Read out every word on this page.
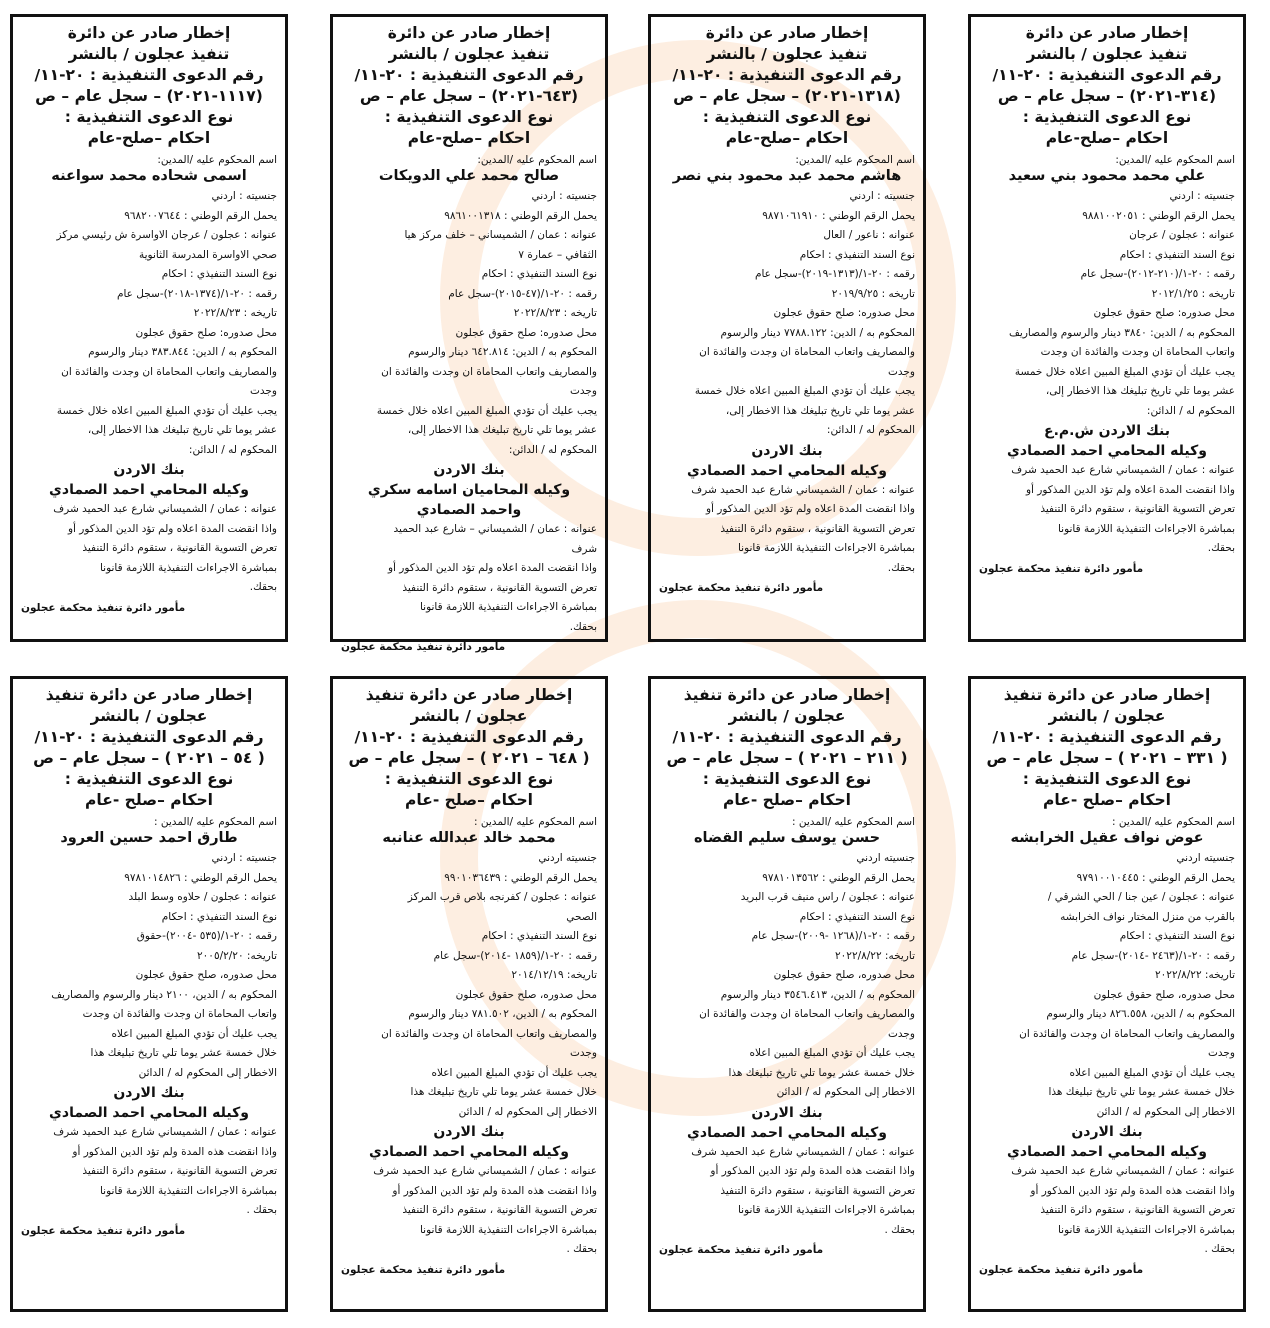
إخطار صادر عن دائرة
تنفيذ عجلون / بالنشر
رقم الدعوى التنفيذية : ٢٠-١١/
(٣١٤-٢٠٢١) – سجل عام – ص
نوع الدعوى التنفيذية :
احكام –صلح-عام
اسم المحكوم عليه /المدين:
علي محمد محمود بني سعيد
جنسيته : اردني
يحمل الرقم الوطني : ٩٨٨١٠٠٢٠٥١
عنوانه : عجلون / عرجان
نوع السند التنفيذي : احكام
رقمه : ٢٠-١/(٢١٠-٢٠١٢)-سجل عام
تاريخه : ٢٠١٢/١/٢٥
محل صدوره: صلح حقوق عجلون
المحكوم به / الدين: ٣٨٤٠ دينار والرسوم والمصاريف
واتعاب المحاماة ان وجدت والفائدة ان وجدت
يجب عليك أن تؤدي المبلغ المبين اعلاه خلال خمسة
عشر يوما تلي تاريخ تبليغك هذا الاخطار إلى،
المحكوم له / الدائن:
بنك الاردن ش.م.ع
وكيله المحامي احمد الصمادي
عنوانه : عمان / الشميساني شارع عبد الحميد شرف
واذا انقضت المدة اعلاه ولم تؤد الدين المذكور أو
تعرض التسوية القانونية ، ستقوم دائرة التنفيذ
بمباشرة الاجراءات التنفيذية اللازمة قانونا
بحقك.
مأمور دائرة تنفيذ محكمة عجلون
إخطار صادر عن دائرة
تنفيذ عجلون / بالنشر
رقم الدعوى التنفيذية : ٢٠-١١/
(١٣١٨-٢٠٢١) – سجل عام – ص
نوع الدعوى التنفيذية :
احكام –صلح-عام
اسم المحكوم عليه /المدين:
هاشم محمد عبد محمود بني نصر
جنسيته : اردني
يحمل الرقم الوطني : ٩٨٧١٠٦١٩١٠
عنوانه : ناعور / العال
نوع السند التنفيذي : احكام
رقمه : ٢٠-١/(١٣١٣-٢٠١٩)-سجل عام
تاريخه : ٢٠١٩/٩/٢٥
محل صدوره: صلح حقوق عجلون
المحكوم به / الدين: ٧٧٨٨.١٢٢ دينار والرسوم
والمصاريف واتعاب المحاماة ان وجدت والفائدة ان
وجدت
يجب عليك أن تؤدي المبلغ المبين اعلاه خلال خمسة
عشر يوما تلي تاريخ تبليغك هذا الاخطار إلى،
المحكوم له / الدائن:
بنك الاردن
وكيله المحامي احمد الصمادي
عنوانه : عمان / الشميساني شارع عبد الحميد شرف
واذا انقضت المدة اعلاه ولم تؤد الدين المذكور أو
تعرض التسوية القانونية ، ستقوم دائرة التنفيذ
بمباشرة الاجراءات التنفيذية اللازمة قانونا
بحقك.
مأمور دائرة تنفيذ محكمة عجلون
إخطار صادر عن دائرة
تنفيذ عجلون / بالنشر
رقم الدعوى التنفيذية : ٢٠-١١/
(٦٤٣-٢٠٢١) – سجل عام – ص
نوع الدعوى التنفيذية :
احكام –صلح-عام
اسم المحكوم عليه /المدين:
صالح محمد علي الدويكات
جنسيته : اردني
يحمل الرقم الوطني : ٩٨٦١٠٠١٣١٨
عنوانه : عمان / الشميساني – خلف مركز هيا
الثقافي – عمارة ٧
نوع السند التنفيذي : احكام
رقمه : ٢٠-١/(٤٧-٢٠١٥)-سجل عام
تاريخه : ٢٠٢٢/٨/٢٣
محل صدوره: صلح حقوق عجلون
المحكوم به / الدين: ٦٤٢.٨١٤ دينار والرسوم
والمصاريف واتعاب المحاماة ان وجدت والفائدة ان
وجدت
يجب عليك أن تؤدي المبلغ المبين اعلاه خلال خمسة
عشر يوما تلي تاريخ تبليغك هذا الاخطار إلى،
المحكوم له / الدائن:
بنك الاردن
وكيله المحاميان اسامه سكري
واحمد الصمادي
عنوانه : عمان / الشميساني – شارع عبد الحميد
شرف
واذا انقضت المدة اعلاه ولم تؤد الدين المذكور أو
تعرض التسوية القانونية ، ستقوم دائرة التنفيذ
بمباشرة الاجراءات التنفيذية اللازمة قانونا
بحقك.
مأمور دائرة تنفيذ محكمة عجلون
إخطار صادر عن دائرة
تنفيذ عجلون / بالنشر
رقم الدعوى التنفيذية : ٢٠-١١/
(١١١٧-٢٠٢١) – سجل عام – ص
نوع الدعوى التنفيذية :
احكام –صلح-عام
اسم المحكوم عليه /المدين:
اسمى شحاده محمد سواعنه
جنسيته : اردني
يحمل الرقم الوطني : ٩٦٨٢٠٠٧٦٤٤
عنوانه : عجلون / عرجان الاواسرة ش رئيسي مركز
صحي الاواسرة المدرسة الثانوية
نوع السند التنفيذي : احكام
رقمه : ٢٠-١/(١٣٧٤-٢٠١٨)-سجل عام
تاريخه : ٢٠٢٢/٨/٢٣
محل صدوره: صلح حقوق عجلون
المحكوم به / الدين: ٣٨٣.٨٤٤ دينار والرسوم
والمصاريف واتعاب المحاماة ان وجدت والفائدة ان
وجدت
يجب عليك أن تؤدي المبلغ المبين اعلاه خلال خمسة
عشر يوما تلي تاريخ تبليغك هذا الاخطار إلى،
المحكوم له / الدائن:
بنك الاردن
وكيله المحامي احمد الصمادي
عنوانه : عمان / الشميساني شارع عبد الحميد شرف
واذا انقضت المدة اعلاه ولم تؤد الدين المذكور أو
تعرض التسوية القانونية ، ستقوم دائرة التنفيذ
بمباشرة الاجراءات التنفيذية اللازمة قانونا
بحقك.
مأمور دائرة تنفيذ محكمة عجلون
إخطار صادر عن دائرة تنفيذ
عجلون / بالنشر
رقم الدعوى التنفيذية : ٢٠-١١/
( ٣٣١ – ٢٠٢١ ) – سجل عام – ص
نوع الدعوى التنفيذية :
احكام –صلح -عام
اسم المحكوم عليه /المدين :
عوض نواف عقيل الخرابشه
جنسيته اردني
يحمل الرقم الوطني : ٩٧٩١٠٠١٠٤٤٥
عنوانه : عجلون / عين جنا / الحي الشرقي /
بالقرب من منزل المختار نواف الخرابشه
نوع السند التنفيذي : احكام
رقمه : ٢٠-١/(٢٤٦٣ -٢٠١٤)-سجل عام
تاريخه: ٢٠٢٢/٨/٢٢
محل صدوره، صلح حقوق عجلون
المحكوم به / الدين، ٨٢٦.٥٥٨ دينار والرسوم
والمصاريف واتعاب المحاماة ان وجدت والفائدة ان
وجدت
يجب عليك أن تؤدي المبلغ المبين اعلاه
خلال خمسة عشر يوما تلي تاريخ تبليغك هذا
الاخطار إلى المحكوم له / الدائن
بنك الاردن
وكيله المحامي احمد الصمادي
عنوانه : عمان / الشميساني شارع عبد الحميد شرف
واذا انقضت هذه المدة ولم تؤد الدين المذكور أو
تعرض التسوية القانونية ، ستقوم دائرة التنفيذ
بمباشرة الاجراءات التنفيذية اللازمة قانونا
بحقك .
مأمور دائرة تنفيذ محكمة عجلون
إخطار صادر عن دائرة تنفيذ
عجلون / بالنشر
رقم الدعوى التنفيذية : ٢٠-١١/
( ٢١١ – ٢٠٢١ ) – سجل عام – ص
نوع الدعوى التنفيذية :
احكام –صلح -عام
اسم المحكوم عليه /المدين :
حسن يوسف سليم القضاه
جنسيته اردني
يحمل الرقم الوطني : ٩٧٨١٠١٣٥٦٢
عنوانه : عجلون / راس منيف قرب البريد
نوع السند التنفيذي : احكام
رقمه : ٢٠-١/(١٢٦٨ -٢٠٠٩)-سجل عام
تاريخه: ٢٠٢٢/٨/٢٢
محل صدوره، صلح حقوق عجلون
المحكوم به / الدين، ٣٥٤٦.٤١٣ دينار والرسوم
والمصاريف واتعاب المحاماة ان وجدت والفائدة ان
وجدت
يجب عليك أن تؤدي المبلغ المبين اعلاه
خلال خمسة عشر يوما تلي تاريخ تبليغك هذا
الاخطار إلى المحكوم له / الدائن
بنك الاردن
وكيله المحامي احمد الصمادي
عنوانه : عمان / الشميساني شارع عبد الحميد شرف
واذا انقضت هذه المدة ولم تؤد الدين المذكور أو
تعرض التسوية القانونية ، ستقوم دائرة التنفيذ
بمباشرة الاجراءات التنفيذية اللازمة قانونا
بحقك .
مأمور دائرة تنفيذ محكمة عجلون
إخطار صادر عن دائرة تنفيذ
عجلون / بالنشر
رقم الدعوى التنفيذية : ٢٠-١١/
( ٦٤٨ – ٢٠٢١ ) – سجل عام – ص
نوع الدعوى التنفيذية :
احكام –صلح -عام
اسم المحكوم عليه /المدين :
محمد خالد عبدالله عنانبه
جنسيته اردني
يحمل الرقم الوطني : ٩٩٠١٠٣٦٤٣٩
عنوانه : عجلون / كفرنجه بلاص قرب المركز
الصحي
نوع السند التنفيذي : احكام
رقمه : ٢٠-١/(١٨٥٩ -٢٠١٤)-سجل عام
تاريخه: ٢٠١٤/١٢/١٩
محل صدوره، صلح حقوق عجلون
المحكوم به / الدين، ٧٨١.٥٠٢ دينار والرسوم
والمصاريف واتعاب المحاماة ان وجدت والفائدة ان
وجدت
يجب عليك أن تؤدي المبلغ المبين اعلاه
خلال خمسة عشر يوما تلي تاريخ تبليغك هذا
الاخطار إلى المحكوم له / الدائن
بنك الاردن
وكيله المحامي احمد الصمادي
عنوانه : عمان / الشميساني شارع عبد الحميد شرف
واذا انقضت هذه المدة ولم تؤد الدين المذكور أو
تعرض التسوية القانونية ، ستقوم دائرة التنفيذ
بمباشرة الاجراءات التنفيذية اللازمة قانونا
بحقك .
مأمور دائرة تنفيذ محكمة عجلون
إخطار صادر عن دائرة تنفيذ
عجلون / بالنشر
رقم الدعوى التنفيذية : ٢٠-١١/
( ٥٤ – ٢٠٢١ ) – سجل عام – ص
نوع الدعوى التنفيذية :
احكام –صلح -عام
اسم المحكوم عليه /المدين :
طارق احمد حسين العرود
جنسيته : اردني
يحمل الرقم الوطني : ٩٧٨١٠١٤٨٢٦
عنوانه : عجلون / حلاوه وسط البلد
نوع السند التنفيذي : احكام
رقمه : ٢٠-١/(٥٣٥ -٢٠٠٤)-حقوق
تاريخه: ٢٠٠٥/٢/٢٠
محل صدوره، صلح حقوق عجلون
المحكوم به / الدين، ٢١٠٠ دينار والرسوم والمصاريف
واتعاب المحاماة ان وجدت والفائدة ان وجدت
يجب عليك أن تؤدي المبلغ المبين اعلاه
خلال خمسة عشر يوما تلي تاريخ تبليغك هذا
الاخطار إلى المحكوم له / الدائن
بنك الاردن
وكيله المحامي احمد الصمادي
عنوانه : عمان / الشميساني شارع عبد الحميد شرف
واذا انقضت هذه المدة ولم تؤد الدين المذكور أو
تعرض التسوية القانونية ، ستقوم دائرة التنفيذ
بمباشرة الاجراءات التنفيذية اللازمة قانونا
بحقك .
مأمور دائرة تنفيذ محكمة عجلون
